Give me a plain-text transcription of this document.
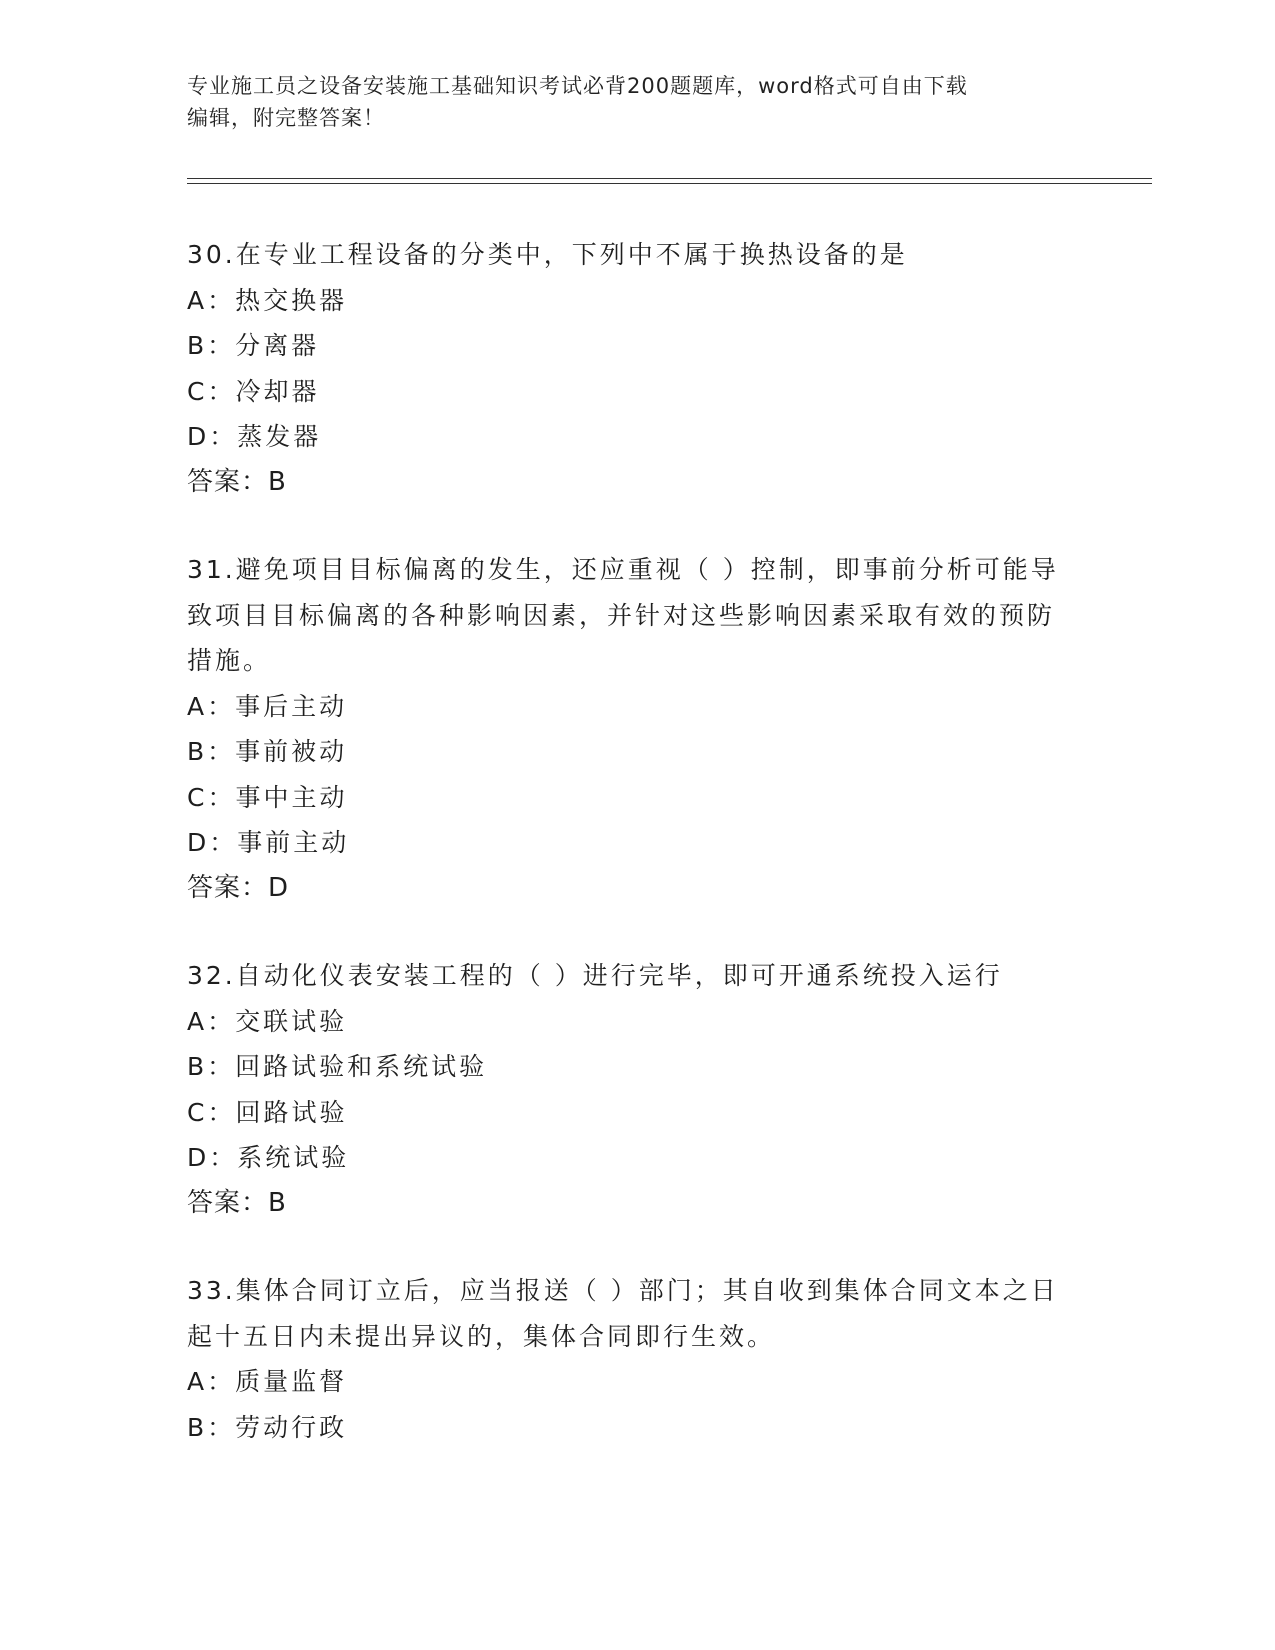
专业施工员之设备安装施工基础知识考试必背200题题库，word格式可自由下载
编辑，附完整答案！
30.在专业工程设备的分类中，下列中不属于换热设备的是
A：热交换器
B：分离器
C：冷却器
D：蒸发器
答案：B
31.避免项目目标偏离的发生，还应重视（ ）控制，即事前分析可能导致项目目标偏离的各种影响因素，并针对这些影响因素采取有效的预防措施。
A：事后主动
B：事前被动
C：事中主动
D：事前主动
答案：D
32.自动化仪表安装工程的（ ）进行完毕，即可开通系统投入运行
A：交联试验
B：回路试验和系统试验
C：回路试验
D：系统试验
答案：B
33.集体合同订立后，应当报送（ ）部门；其自收到集体合同文本之日起十五日内未提出异议的，集体合同即行生效。
A：质量监督
B：劳动行政
